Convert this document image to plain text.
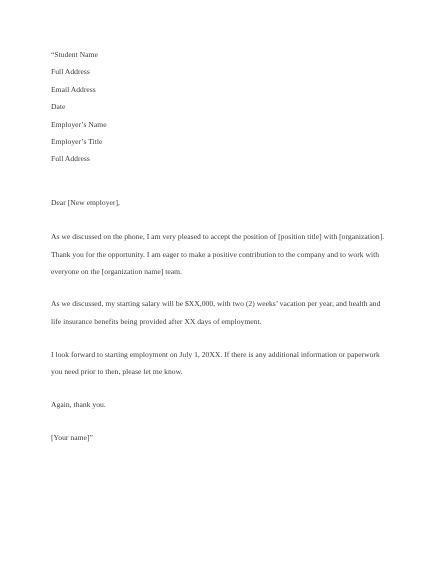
“Student Name
Full Address
Email Address
Date
Employer’s Name
Employer’s Title
Full Address
Dear [New employer],
As we discussed on the phone, I am very pleased to accept the position of [position title] with [organization].
Thank you for the opportunity. I am eager to make a positive contribution to the company and to work with
everyone on the [organization name] team.
As we discussed, my starting salary will be $XX,000, with two (2) weeks’ vacation per year, and health and
life insurance benefits being provided after XX days of employment.
I look forward to starting employment on July 1, 20XX. If there is any additional information or paperwork
you need prior to then, please let me know.
Again, thank you.
[Your name]”
